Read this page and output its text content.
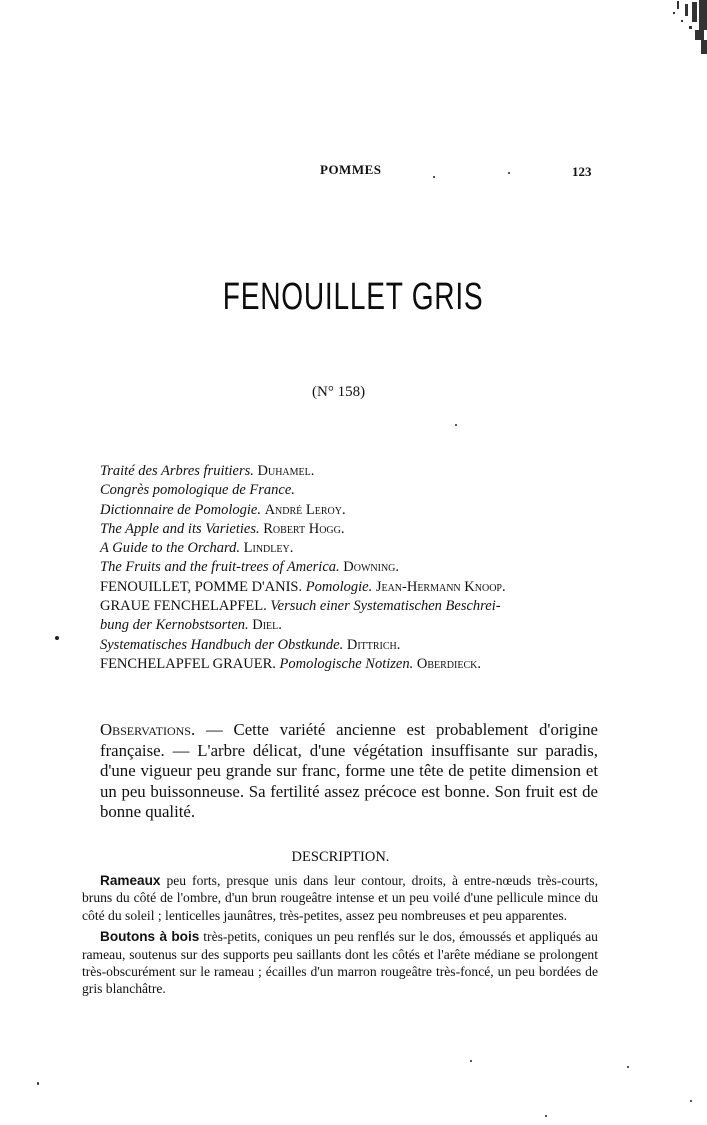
POMMES	123
FENOUILLET GRIS
(N° 158)
Traité des Arbres fruitiers. Duhamel.
Congrès pomologique de France.
Dictionnaire de Pomologie. André Leroy.
The Apple and its Varieties. Robert Hogg.
A Guide to the Orchard. Lindley.
The Fruits and the fruit-trees of America. Downing.
FENOUILLET, POMME D'ANIS. Pomologie. Jean-Hermann Knoop.
GRAUE FENCHELAPFEL. Versuch einer Systematischen Beschrei-
bung der Kernobstsorten. Diel.
Systematisches Handbuch der Obstkunde. Dittrich.
FENCHELAPFEL GRAUER. Pomologische Notizen. Oberdieck.
Observations. — Cette variété ancienne est probablement d'origine française. — L'arbre délicat, d'une végétation insuffisante sur paradis, d'une vigueur peu grande sur franc, forme une tête de petite dimension et un peu buissonneuse. Sa fertilité assez précoce est bonne. Son fruit est de bonne qualité.
DESCRIPTION.

Rameaux peu forts, presque unis dans leur contour, droits, à entre-nœuds très-courts, bruns du côté de l'ombre, d'un brun rougeâtre intense et un peu voilé d'une pellicule mince du côté du soleil ; lenticelles jaunâtres, très-petites, assez peu nombreuses et peu apparentes.

Boutons à bois très-petits, coniques un peu renflés sur le dos, émoussés et appliqués au rameau, soutenus sur des supports peu saillants dont les côtés et l'arête médiane se prolongent très-obscurément sur le rameau ; écailles d'un marron rougeâtre très-foncé, un peu bordées de gris blanchâtre.
